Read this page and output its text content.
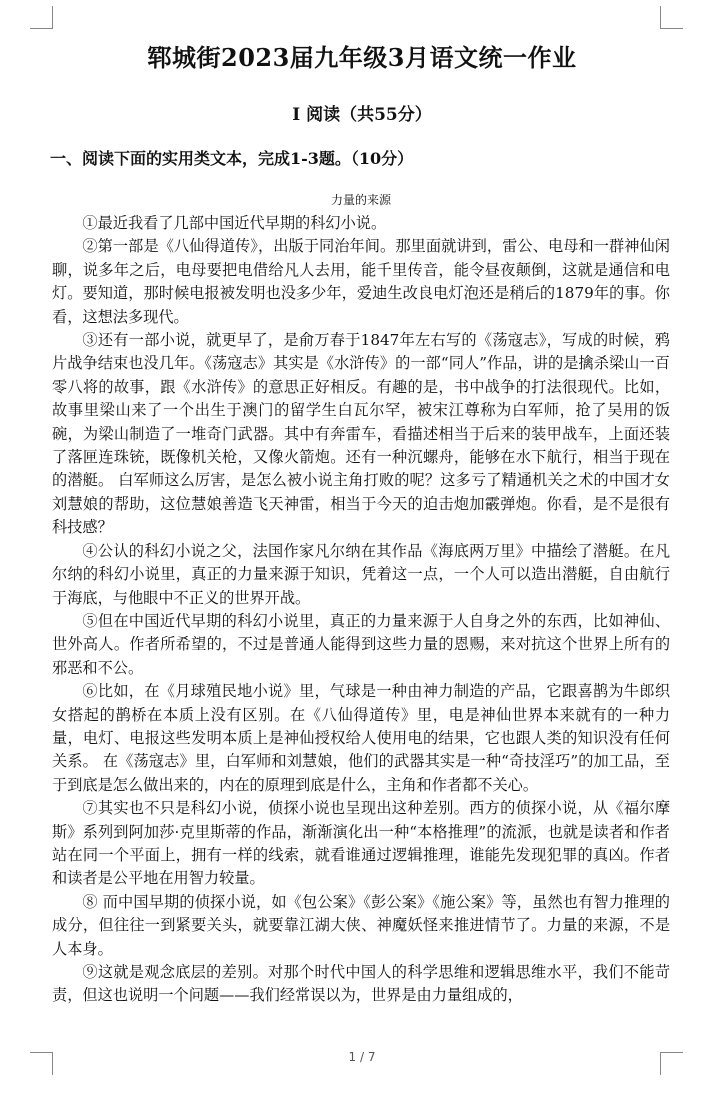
郓城街2023届九年级3月语文统一作业
Ⅰ 阅读（共55分）
一、阅读下面的实用类文本，完成1-3题。（10分）
力量的来源

①最近我看了几部中国近代早期的科幻小说。

②第一部是《八仙得道传》，出版于同治年间。那里面就讲到，雷公、电母和一群神仙闲聊，说多年之后，电母要把电借给凡人去用，能千里传音，能令昼夜颠倒，这就是通信和电灯。要知道，那时候电报被发明也没多少年，爱迪生改良电灯泡还是稍后的1879年的事。你看，这想法多现代。

③还有一部小说，就更早了，是俞万春于1847年左右写的《荡寇志》，写成的时候，鸦片战争结束也没几年。《荡寇志》其实是《水浒传》的一部“同人”作品，讲的是擒杀梁山一百零八将的故事，跟《水浒传》的意思正好相反。有趣的是，书中战争的打法很现代。比如，故事里梁山来了一个出生于澳门的留学生白瓦尔罕，被宋江尊称为白军师，抢了吴用的饭碗，为梁山制造了一堆奇门武器。其中有奔雷车，看描述相当于后来的装甲战车，上面还装了落匣连珠铳，既像机关枪，又像火箭炮。还有一种沉螺舟，能够在水下航行，相当于现在的潜艇。 白军师这么厉害，是怎么被小说主角打败的呢？这多亏了精通机关之术的中国才女刘慧娘的帮助，这位慧娘善造飞天神雷，相当于今天的迫击炮加霰弹炮。你看，是不是很有科技感？

④公认的科幻小说之父，法国作家凡尔纳在其作品《海底两万里》中描绘了潜艇。在凡尔纳的科幻小说里，真正的力量来源于知识，凭着这一点，一个人可以造出潜艇，自由航行于海底，与他眼中不正义的世界开战。

⑤但在中国近代早期的科幻小说里，真正的力量来源于人自身之外的东西，比如神仙、世外高人。作者所希望的，不过是普通人能得到这些力量的恩赐，来对抗这个世界上所有的邪恶和不公。

⑥比如，在《月球殖民地小说》里，气球是一种由神力制造的产品，它跟喜鹊为牛郎织女搭起的鹊桥在本质上没有区别。在《八仙得道传》里，电是神仙世界本来就有的一种力量，电灯、电报这些发明本质上是神仙授权给人使用电的结果，它也跟人类的知识没有任何关系。 在《荡寇志》里，白军师和刘慧娘，他们的武器其实是一种“奇技淫巧”的加工品，至于到底是怎么做出来的，内在的原理到底是什么，主角和作者都不关心。

⑦其实也不只是科幻小说，侦探小说也呈现出这种差别。西方的侦探小说，从《福尔摩斯》系列到阿加莎·克里斯蒂的作品，渐渐演化出一种“本格推理”的流派，也就是读者和作者站在同一个平面上，拥有一样的线索，就看谁通过逻辑推理，谁能先发现犯罪的真凶。作者和读者是公平地在用智力较量。

⑧ 而中国早期的侦探小说，如《包公案》《彭公案》《施公案》等，虽然也有智力推理的成分，但往往一到紧要关头，就要靠江湖大侠、神魔妖怪来推进情节了。力量的来源，不是人本身。

⑨这就是观念底层的差别。对那个时代中国人的科学思维和逻辑思维水平，我们不能苛责，但这也说明一个问题——我们经常误以为，世界是由力量组成的，

1 / 7
